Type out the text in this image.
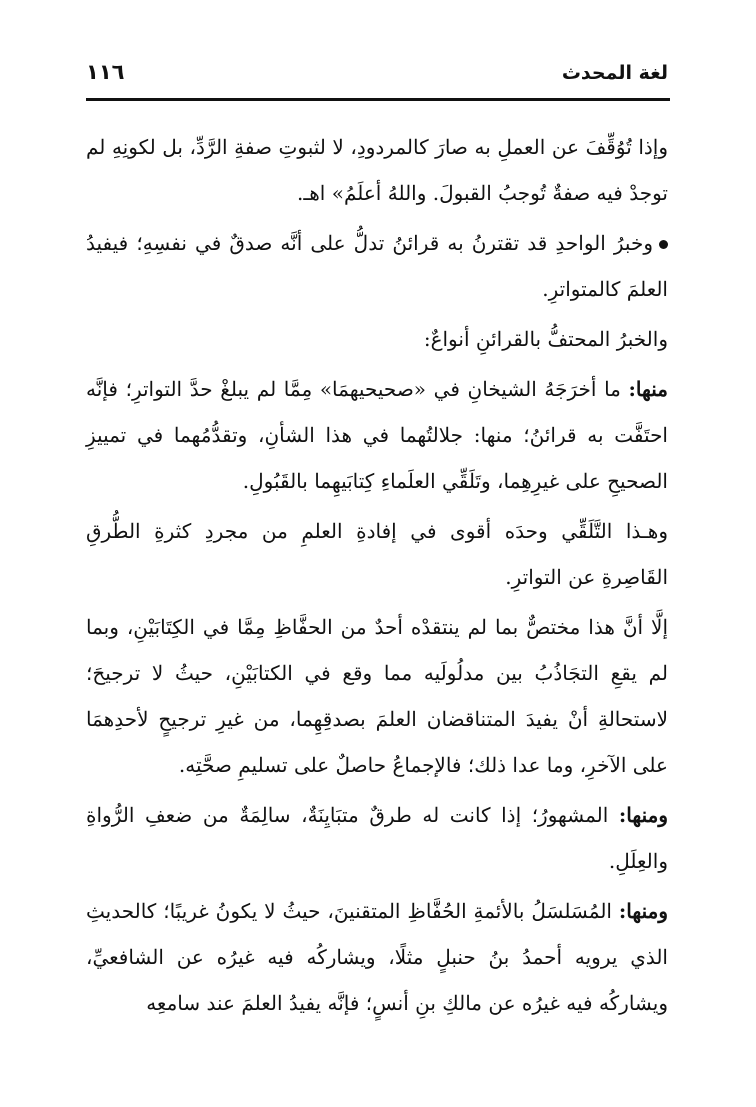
لغة المحدث
١١٦

وإذا تُوُقِّفَ عن العملِ به صارَ كالمردودِ، لا لثبوتِ صفةِ الرَّدِّ، بل لكونِهِ لم توجدْ فيه صفةٌ تُوجبُ القبولَ. واللهُ أعلَمُ» اهـ.

وخبرُ الواحدِ قد تقترنُ به قرائنُ تدلُّ على أنَّه صدقٌ في نفسِهِ؛ فيفيدُ العلمَ كالمتواترِ.

والخبرُ المحتفُّ بالقرائنِ أنواعٌ:

منها: ما أخرَجَهُ الشيخانِ في «صحيحيهمَا» مِمَّا لم يبلغْ حدَّ التواترِ؛ فإنَّه احتَفَّت به قرائنُ؛ منها: جلالتُهما في هذا الشأنِ، وتقدُّمُهما في تمييزِ الصحيحِ على غيرِهِما، وتَلَقِّي العلَماءِ كِتابَيهِما بالقَبُولِ.

وهـذا التَّلَقِّي وحدَه أقوى في إفادةِ العلمِ من مجردِ كثرةِ الطُّرقِ القَاصِرةِ عن التواترِ.

إلَّا أنَّ هذا مختصٌّ بما لم ينتقدْه أحدٌ من الحفَّاظِ مِمَّا في الكِتَابَيْنِ، وبما لم يقعِ التجَاذُبُ بين مدلُولَيه مما وقع في الكتابَيْنِ، حيثُ لا ترجيحَ؛ لاستحالةِ أنْ يفيدَ المتناقضان العلمَ بصدقِهِما، من غيرِ ترجيحٍ لأحدِهمَا على الآخرِ، وما عدا ذلك؛ فالإجماعُ حاصلٌ على تسليمِ صحَّتِه.

ومنها: المشهورُ؛ إذا كانت له طرقٌ متبَايِنَةٌ، سالِمَةٌ من ضعفِ الرُّواةِ والعِلَلِ.

ومنها: المُسَلسَلُ بالأئمةِ الحُفَّاظِ المتقنينَ، حيثُ لا يكونُ غريبًا؛ كالحديثِ الذي يرويه أحمدُ بنُ حنبلٍ مثلًا، ويشاركُه فيه غيرُه عن الشافعيِّ، ويشاركُه فيه غيرُه عن مالكِ بنِ أنسٍ؛ فإنَّه يفيدُ العلمَ عند سامعِه
